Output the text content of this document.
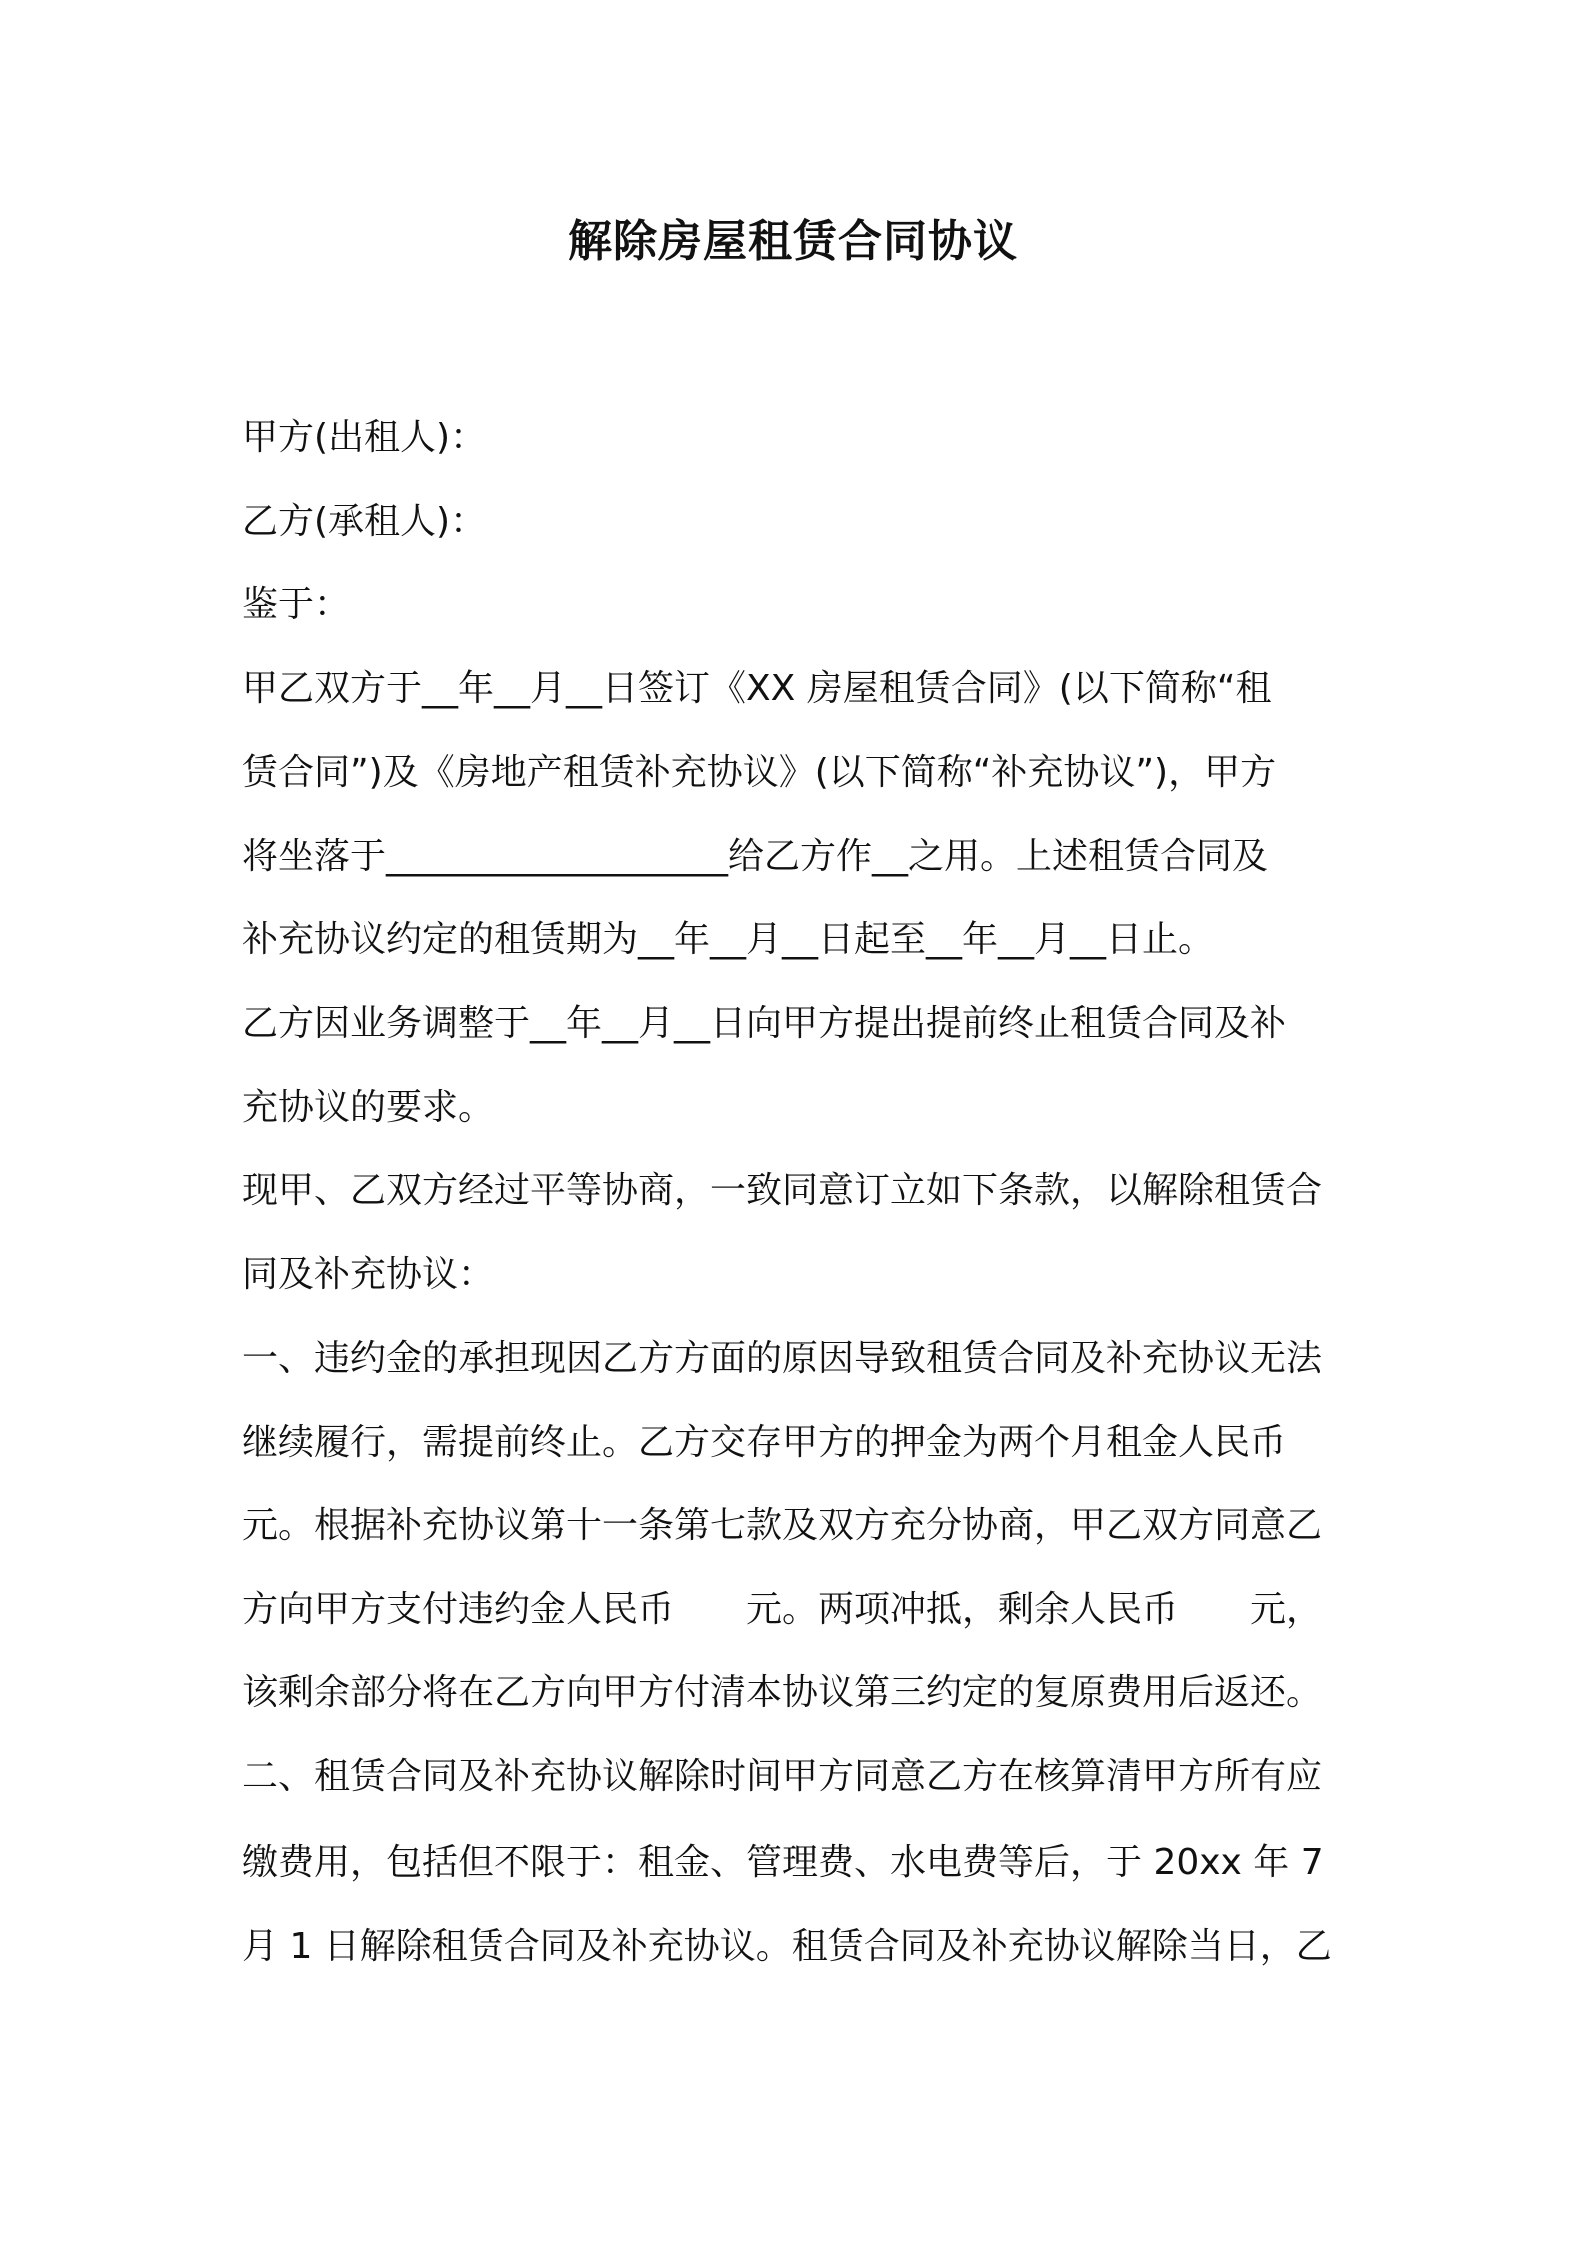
解除房屋租赁合同协议
甲方(出租人)：
乙方(承租人)：
鉴于：
甲乙双方于__年__月__日签订《XX 房屋租赁合同》(以下简称“租
赁合同”)及《房地产租赁补充协议》(以下简称“补充协议”)，甲方
将坐落于___________________给乙方作__之用。上述租赁合同及
补充协议约定的租赁期为__年__月__日起至__年__月__日止。
乙方因业务调整于__年__月__日向甲方提出提前终止租赁合同及补
充协议的要求。
现甲、乙双方经过平等协商，一致同意订立如下条款，以解除租赁合
同及补充协议：
一、违约金的承担现因乙方方面的原因导致租赁合同及补充协议无法
继续履行，需提前终止。乙方交存甲方的押金为两个月租金人民币
元。根据补充协议第十一条第七款及双方充分协商，甲乙双方同意乙
方向甲方支付违约金人民币　　元。两项冲抵，剩余人民币　　元，
该剩余部分将在乙方向甲方付清本协议第三约定的复原费用后返还。
二、租赁合同及补充协议解除时间甲方同意乙方在核算清甲方所有应
缴费用，包括但不限于：租金、管理费、水电费等后，于 20xx 年 7
月 1 日解除租赁合同及补充协议。租赁合同及补充协议解除当日，乙
